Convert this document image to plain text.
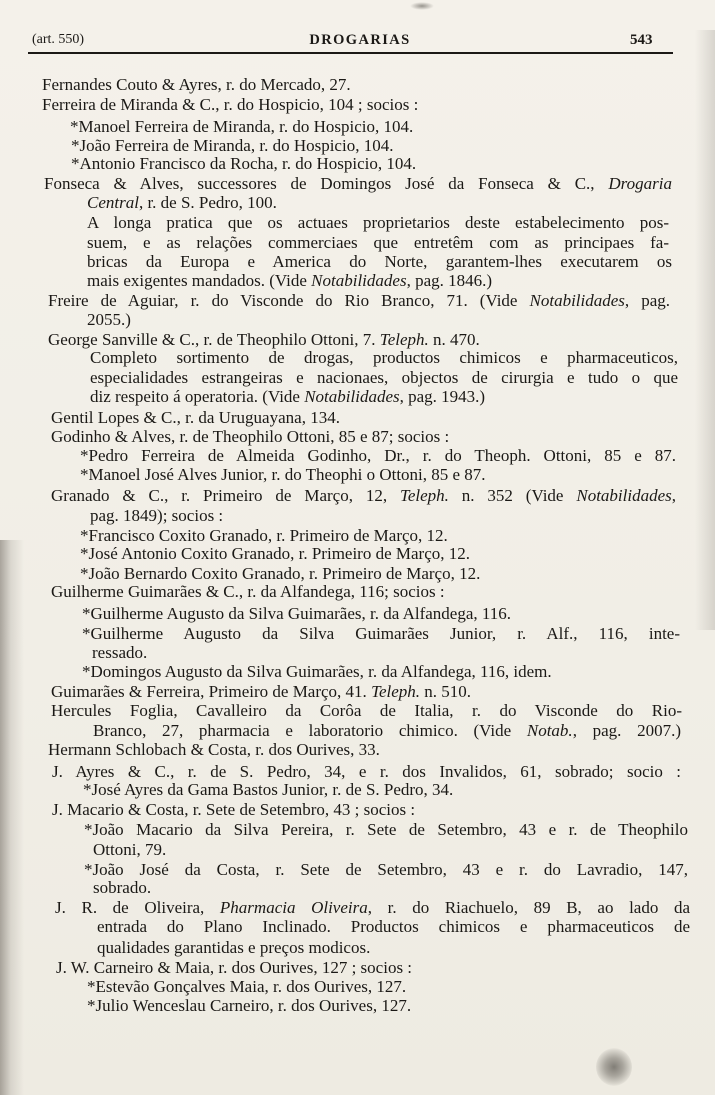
(art. 550)	DROGARIAS	543
Fernandes Couto & Ayres, r. do Mercado, 27.
Ferreira de Miranda & C., r. do Hospicio, 104 ; socios :
*Manoel Ferreira de Miranda, r. do Hospicio, 104.
*João Ferreira de Miranda, r. do Hospicio, 104.
*Antonio Francisco da Rocha, r. do Hospicio, 104.
Fonseca & Alves, successores de Domingos José da Fonseca & C., Drogaria
Central, r. de S. Pedro, 100.
A longa pratica que os actuaes proprietarios deste estabelecimento pos-
suem, e as relações commerciaes que entretêm com as principaes fa-
bricas da Europa e America do Norte, garantem-lhes executarem os
mais exigentes mandados. (Vide Notabilidades, pag. 1846.)
Freire de Aguiar, r. do Visconde do Rio Branco, 71. (Vide Notabilidades, pag.
2055.)
George Sanville & C., r. de Theophilo Ottoni, 7. Teleph. n. 470.
Completo sortimento de drogas, productos chimicos e pharmaceuticos,
especialidades estrangeiras e nacionaes, objectos de cirurgia e tudo o que
diz respeito á operatoria. (Vide Notabilidades, pag. 1943.)
Gentil Lopes & C., r. da Uruguayana, 134.
Godinho & Alves, r. de Theophilo Ottoni, 85 e 87; socios :
*Pedro Ferreira de Almeida Godinho, Dr., r. do Theoph. Ottoni, 85 e 87.
*Manoel José Alves Junior, r. do Theophi o Ottoni, 85 e 87.
Granado & C., r. Primeiro de Março, 12, Teleph. n. 352 (Vide Notabilidades,
pag. 1849); socios :
*Francisco Coxito Granado, r. Primeiro de Março, 12.
*José Antonio Coxito Granado, r. Primeiro de Março, 12.
*João Bernardo Coxito Granado, r. Primeiro de Março, 12.
Guilherme Guimarães & C., r. da Alfandega, 116; socios :
*Guilherme Augusto da Silva Guimarães, r. da Alfandega, 116.
*Guilherme Augusto da Silva Guimarães Junior, r. Alf., 116, inte-
ressado.
*Domingos Augusto da Silva Guimarães, r. da Alfandega, 116, idem.
Guimarães & Ferreira, Primeiro de Março, 41. Teleph. n. 510.
Hercules Foglia, Cavalleiro da Corôa de Italia, r. do Visconde do Rio-
Branco, 27, pharmacia e laboratorio chimico. (Vide Notab., pag. 2007.)
Hermann Schlobach & Costa, r. dos Ourives, 33.
J. Ayres & C., r. de S. Pedro, 34, e r. dos Invalidos, 61, sobrado; socio :
*José Ayres da Gama Bastos Junior, r. de S. Pedro, 34.
J. Macario & Costa, r. Sete de Setembro, 43 ; socios :
*João Macario da Silva Pereira, r. Sete de Setembro, 43 e r. de Theophilo
Ottoni, 79.
*João José da Costa, r. Sete de Setembro, 43 e r. do Lavradio, 147,
sobrado.
J. R. de Oliveira, Pharmacia Oliveira, r. do Riachuelo, 89 B, ao lado da
entrada do Plano Inclinado. Productos chimicos e pharmaceuticos de
qualidades garantidas e preços modicos.
J. W. Carneiro & Maia, r. dos Ourives, 127 ; socios :
*Estevão Gonçalves Maia, r. dos Ourives, 127.
*Julio Wenceslau Carneiro, r. dos Ourives, 127.
